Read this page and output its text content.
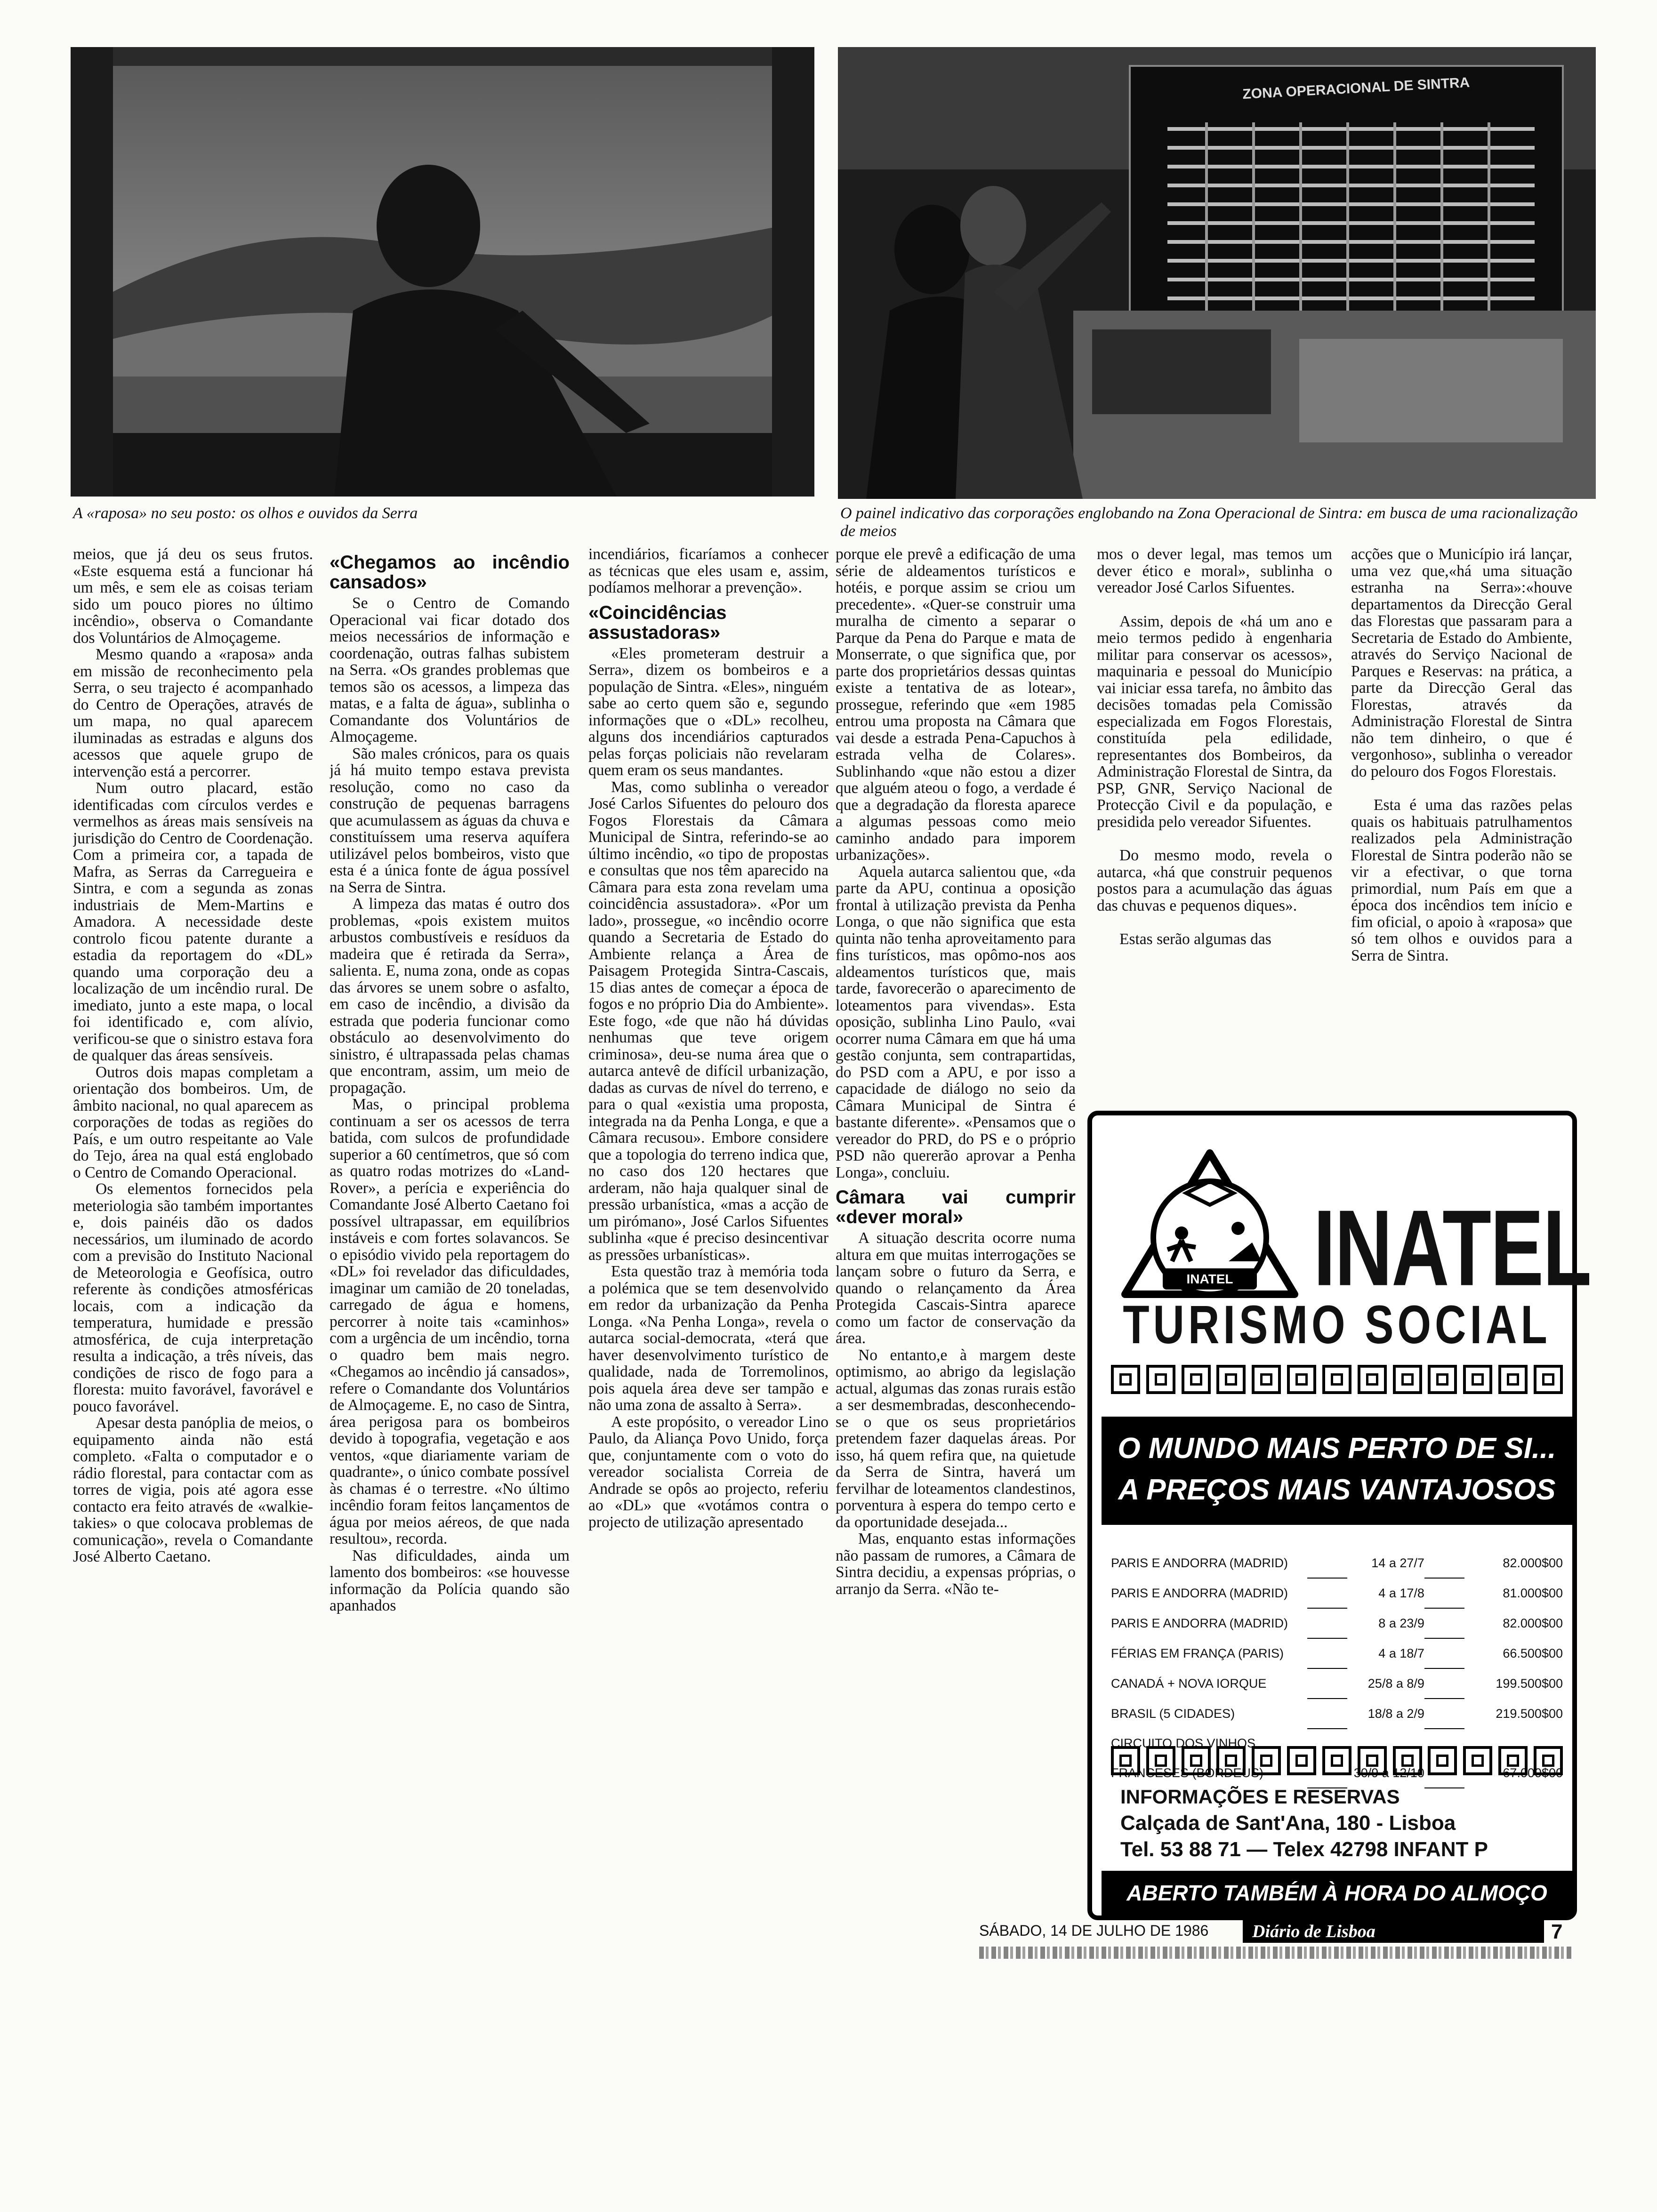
A «raposa» no seu posto: os olhos e ouvidos da Serra
ZONA OPERACIONAL DE SINTRA
O painel indicativo das corporações englobando na Zona Operacional de Sintra: em busca de uma racionalização de meios

meios, que já deu os seus frutos. «Este esquema está a funcionar há um mês, e sem ele as coisas teriam sido um pouco piores no último incêndio», observa o Comandante dos Voluntários de Almoçageme.

Mesmo quando a «raposa» anda em missão de reconhecimento pela Serra, o seu trajecto é acompanhado do Centro de Operações, através de um mapa, no qual aparecem iluminadas as estradas e alguns dos acessos que aquele grupo de intervenção está a percorrer.

Num outro placard, estão identificadas com círculos verdes e vermelhos as áreas mais sensíveis na jurisdição do Centro de Coordenação. Com a primeira cor, a tapada de Mafra, as Serras da Carregueira e Sintra, e com a segunda as zonas industriais de Mem-Martins e Amadora. A necessidade deste controlo ficou patente durante a estadia da reportagem do «DL» quando uma corporação deu a localização de um incêndio rural. De imediato, junto a este mapa, o local foi identificado e, com alívio, verificou-se que o sinistro estava fora de qualquer das áreas sensíveis.

Outros dois mapas completam a orientação dos bombeiros. Um, de âmbito nacional, no qual aparecem as corporações de todas as regiões do País, e um outro respeitante ao Vale do Tejo, área na qual está englobado o Centro de Comando Operacional.

Os elementos fornecidos pela meteriologia são também importantes e, dois painéis dão os dados necessários, um iluminado de acordo com a previsão do Instituto Nacional de Meteorologia e Geofísica, outro referente às condições atmosféricas locais, com a indicação da temperatura, humidade e pressão atmosférica, de cuja interpretação resulta a indicação, a três níveis, das condições de risco de fogo para a floresta: muito favorável, favorável e pouco favorável.

Apesar desta panóplia de meios, o equipamento ainda não está completo. «Falta o computador e o rádio florestal, para contactar com as torres de vigia, pois até agora esse contacto era feito através de «walkie-takies» o que colocava problemas de comunicação», revela o Comandante José Alberto Caetano.

«Chegamos ao incêndio cansados»

Se o Centro de Comando Operacional vai ficar dotado dos meios necessários de informação e coordenação, outras falhas subistem na Serra. «Os grandes problemas que temos são os acessos, a limpeza das matas, e a falta de água», sublinha o Comandante dos Voluntários de Almoçageme.

São males crónicos, para os quais já há muito tempo estava prevista resolução, como no caso da construção de pequenas barragens que acumulassem as águas da chuva e constituíssem uma reserva aquífera utilizável pelos bombeiros, visto que esta é a única fonte de água possível na Serra de Sintra.

A limpeza das matas é outro dos problemas, «pois existem muitos arbustos combustíveis e resíduos da madeira que é retirada da Serra», salienta. E, numa zona, onde as copas das árvores se unem sobre o asfalto, em caso de incêndio, a divisão da estrada que poderia funcionar como obstáculo ao desenvolvimento do sinistro, é ultrapassada pelas chamas que encontram, assim, um meio de propagação.

Mas, o principal problema continuam a ser os acessos de terra batida, com sulcos de profundidade superior a 60 centímetros, que só com as quatro rodas motrizes do «Land-Rover», a perícia e experiência do Comandante José Alberto Caetano foi possível ultrapassar, em equilíbrios instáveis e com fortes solavancos. Se o episódio vivido pela reportagem do «DL» foi revelador das dificuldades, imaginar um camião de 20 toneladas, carregado de água e homens, percorrer à noite tais «caminhos» com a urgência de um incêndio, torna o quadro bem mais negro. «Chegamos ao incêndio já cansados», refere o Comandante dos Voluntários de Almoçageme. E, no caso de Sintra, área perigosa para os bombeiros devido à topografia, vegetação e aos ventos, «que diariamente variam de quadrante», o único combate possível às chamas é o terrestre. «No último incêndio foram feitos lançamentos de água por meios aéreos, de que nada resultou», recorda.

Nas dificuldades, ainda um lamento dos bombeiros: «se houvesse informação da Polícia quando são apanhados

incendiários, ficaríamos a conhecer as técnicas que eles usam e, assim, podíamos melhorar a prevenção».

«Coincidências assustadoras»

«Eles prometeram destruir a Serra», dizem os bombeiros e a população de Sintra. «Eles», ninguém sabe ao certo quem são e, segundo informações que o «DL» recolheu, alguns dos incendiários capturados pelas forças policiais não revelaram quem eram os seus mandantes.

Mas, como sublinha o vereador José Carlos Sifuentes do pelouro dos Fogos Florestais da Câmara Municipal de Sintra, referindo-se ao último incêndio, «o tipo de propostas e consultas que nos têm aparecido na Câmara para esta zona revelam uma coincidência assustadora». «Por um lado», prossegue, «o incêndio ocorre quando a Secretaria de Estado do Ambiente relança a Área de Paisagem Protegida Sintra-Cascais, 15 dias antes de começar a época de fogos e no próprio Dia do Ambiente». Este fogo, «de que não há dúvidas nenhumas que teve origem criminosa», deu-se numa área que o autarca antevê de difícil urbanização, dadas as curvas de nível do terreno, e para o qual «existia uma proposta, integrada na da Penha Longa, e que a Câmara recusou». Embore considere que a topologia do terreno indica que, no caso dos 120 hectares que arderam, não haja qualquer sinal de pressão urbanística, «mas a acção de um pirómano», José Carlos Sifuentes sublinha «que é preciso desincentivar as pressões urbanísticas».

Esta questão traz à memória toda a polémica que se tem desenvolvido em redor da urbanização da Penha Longa. «Na Penha Longa», revela o autarca social-democrata, «terá que haver desenvolvimento turístico de qualidade, nada de Torremolinos, pois aquela área deve ser tampão e não uma zona de assalto à Serra».

A este propósito, o vereador Lino Paulo, da Aliança Povo Unido, força que, conjuntamente com o voto do vereador socialista Correia de Andrade se opôs ao projecto, referiu ao «DL» que «votámos contra o projecto de utilização apresentado

porque ele prevê a edificação de uma série de aldeamentos turísticos e hotéis, e porque assim se criou um precedente». «Quer-se construir uma muralha de cimento a separar o Parque da Pena do Parque e mata de Monserrate, o que significa que, por parte dos proprietários dessas quintas existe a tentativa de as lotear», prossegue, referindo que «em 1985 entrou uma proposta na Câmara que vai desde a estrada Pena-Capuchos à estrada velha de Colares». Sublinhando «que não estou a dizer que alguém ateou o fogo, a verdade é que a degradação da floresta aparece a algumas pessoas como meio caminho andado para imporem urbanizações».

Aquela autarca salientou que, «da parte da APU, continua a oposição frontal à utilização prevista da Penha Longa, o que não significa que esta quinta não tenha aproveitamento para fins turísticos, mas opômo-nos aos aldeamentos turísticos que, mais tarde, favorecerão o aparecimento de loteamentos para vivendas». Esta oposição, sublinha Lino Paulo, «vai ocorrer numa Câmara em que há uma gestão conjunta, sem contrapartidas, do PSD com a APU, e por isso a capacidade de diálogo no seio da Câmara Municipal de Sintra é bastante diferente». «Pensamos que o vereador do PRD, do PS e o próprio PSD não quererão aprovar a Penha Longa», concluiu.

Câmara vai cumprir «dever moral»

A situação descrita ocorre numa altura em que muitas interrogações se lançam sobre o futuro da Serra, e quando o relançamento da Área Protegida Cascais-Sintra aparece como um factor de conservação da área.

No entanto,e à margem deste optimismo, ao abrigo da legislação actual, algumas das zonas rurais estão a ser desmembradas, desconhecendo-se o que os seus proprietários pretendem fazer daquelas áreas. Por isso, há quem refira que, na quietude da Serra de Sintra, haverá um fervilhar de loteamentos clandestinos, porventura à espera do tempo certo e da oportunidade desejada...

Mas, enquanto estas informações não passam de rumores, a Câmara de Sintra decidiu, a expensas próprias, o arranjo da Serra. «Não te-

mos o dever legal, mas temos um dever ético e moral», sublinha o vereador José Carlos Sifuentes.

Assim, depois de «há um ano e meio termos pedido à engenharia militar para conservar os acessos», maquinaria e pessoal do Município vai iniciar essa tarefa, no âmbito das decisões tomadas pela Comissão especializada em Fogos Florestais, constituída pela edilidade, representantes dos Bombeiros, da Administração Florestal de Sintra, da PSP, GNR, Serviço Nacional de Protecção Civil e da população, e presidida pelo vereador Sifuentes.

Do mesmo modo, revela o autarca, «há que construir pequenos postos para a acumulação das águas das chuvas e pequenos diques».

Estas serão algumas das

acções que o Município irá lançar, uma vez que,«há uma situação estranha na Serra»:«houve departamentos da Direcção Geral das Florestas que passaram para a Secretaria de Estado do Ambiente, através do Serviço Nacional de Parques e Reservas: na prática, a parte da Direcção Geral das Florestas, através da Administração Florestal de Sintra não tem dinheiro, o que é vergonhoso», sublinha o vereador do pelouro dos Fogos Florestais.

Esta é uma das razões pelas quais os habituais patrulhamentos realizados pela Administração Florestal de Sintra poderão não se vir a efectivar, o que torna primordial, num País em que a época dos incêndios tem início e fim oficial, o apoio à «raposa» que só tem olhos e ouvidos para a Serra de Sintra.

INATEL INATEL
TURISMO SOCIAL
O MUNDO MAIS PERTO DE SI...
A PREÇOS MAIS VANTAJOSOS
PARIS E ANDORRA (MADRID)		14 a 27/7		82.000$00
PARIS E ANDORRA (MADRID)		4 a 17/8		81.000$00
PARIS E ANDORRA (MADRID)		8 a 23/9		82.000$00
FÉRIAS EM FRANÇA (PARIS)		4 a 18/7		66.500$00
CANADÁ + NOVA IORQUE		25/8 a 8/9		199.500$00
BRASIL (5 CIDADES)		18/8 a 2/9		219.500$00
CIRCUITO DOS VINHOS				
FRANCESES (BORDEUS)		30/9 a 12/10		67.000$00
INFORMAÇÕES E RESERVAS
Calçada de Sant'Ana, 180 - Lisboa
Tel. 53 88 71 — Telex 42798 INFANT P
ABERTO TAMBÉM À HORA DO ALMOÇO
SÁBADO, 14 DE JULHO DE 1986	Diário de Lisboa	7
